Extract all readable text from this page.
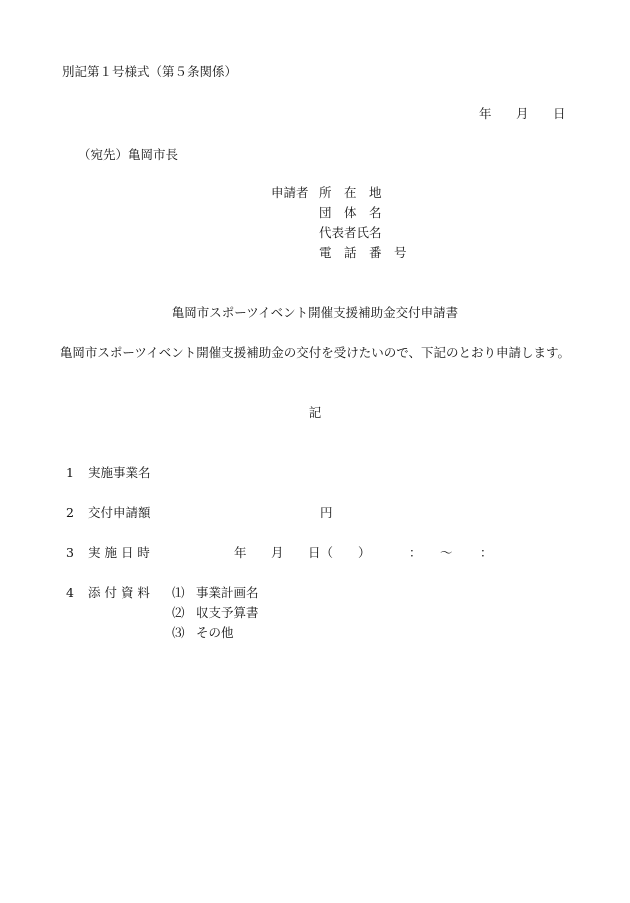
別記第１号様式（第５条関係）
年 月 日
（宛先）亀岡市長
申請者 所　在　地
団　体　名
代表者氏名
電　話　番　号
亀岡市スポーツイベント開催支援補助金交付申請書
亀岡市スポーツイベント開催支援補助金の交付を受けたいので、下記のとおり申請します。
記
1 実施事業名
2 交付申請額	円
3 実 施 日 時	年 月 日（　　）	： 〜 ：
4 添 付 資 料 ⑴ 事業計画名
⑵ 収支予算書
⑶ その他
